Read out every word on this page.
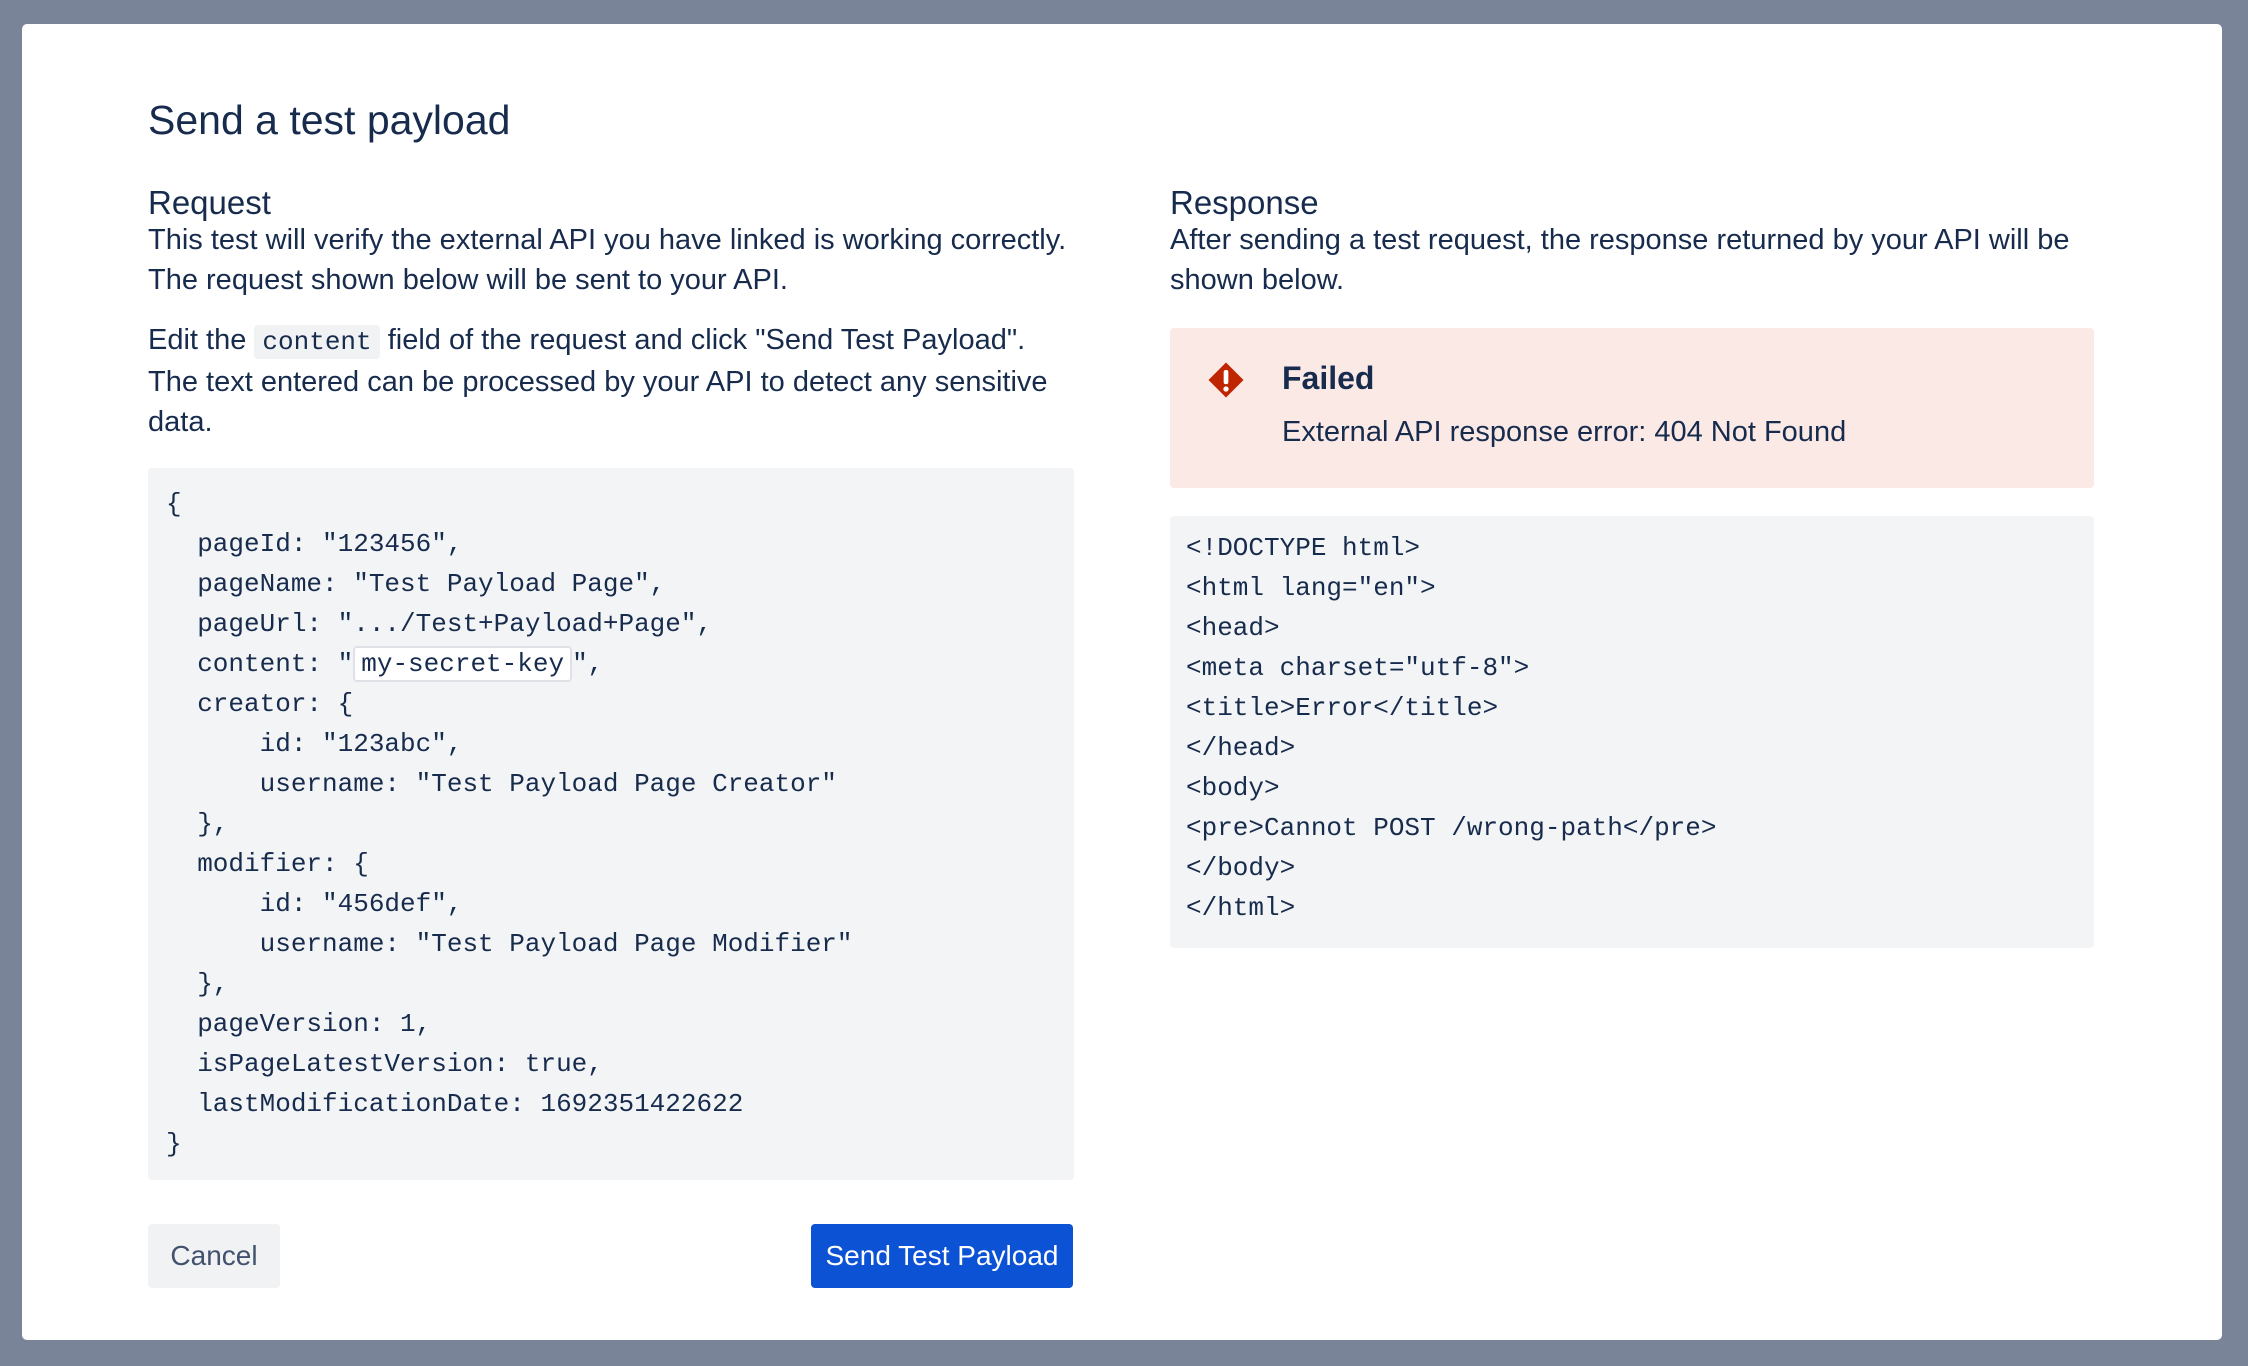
Send a test payload
Request

This test will verify the external API you have linked is working correctly.
The request shown below will be sent to your API.

Edit the content field of the request and click "Send Test Payload".
The text entered can be processed by your API to detect any sensitive
data.

{
pageId: "123456",
pageName: "Test Payload Page",
pageUrl: ".../Test+Payload+Page",
content: " my-secret-key ",
creator: {
id: "123abc",
username: "Test Payload Page Creator"
},
modifier: {
id: "456def",
username: "Test Payload Page Modifier"
},
pageVersion: 1,
isPageLatestVersion: true,
lastModificationDate: 1692351422622
}
Response

After sending a test request, the response returned by your API will be
shown below.

Failed
External API response error: 404 Not Found
<!DOCTYPE html>
<html lang="en">
<head>
<meta charset="utf-8">
<title>Error</title>
</head>
<body>
<pre>Cannot POST /wrong-path</pre>
</body>
</html>
Cancel	Send Test Payload
